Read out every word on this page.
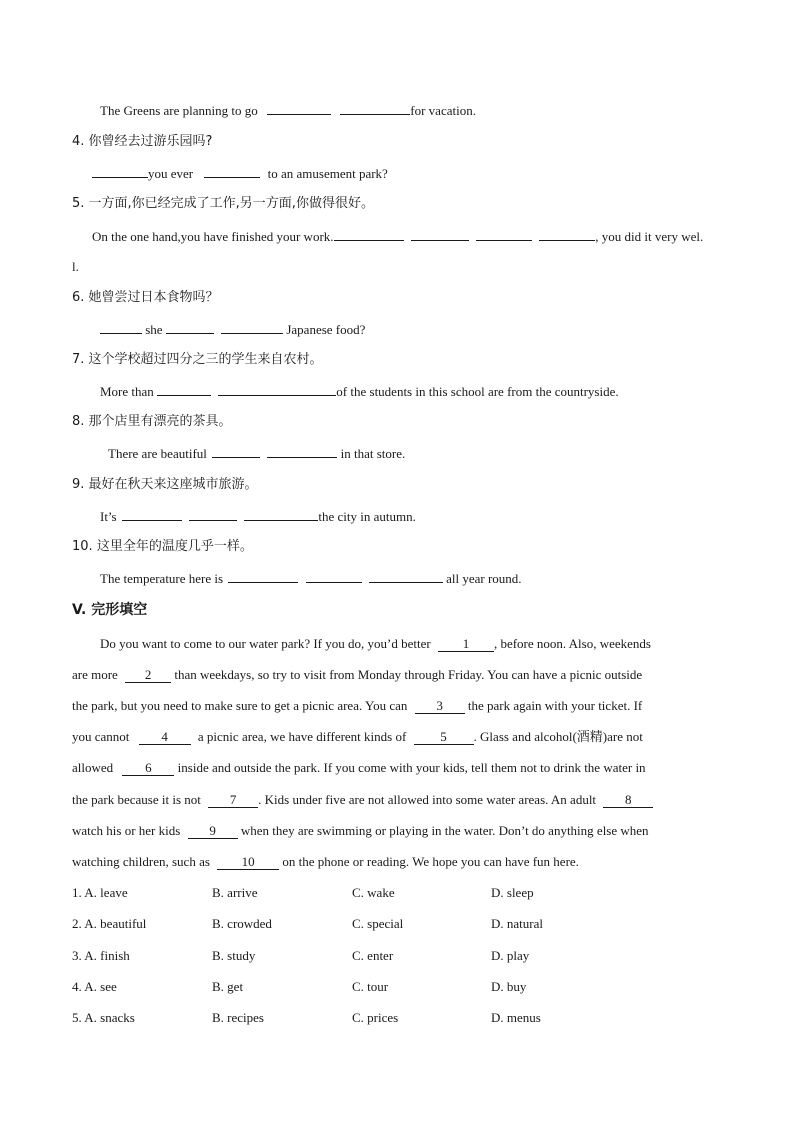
The Greens are planning to go	for vacation.
4. 你曾经去过游乐园吗?
you ever	to an amusement park?
5. 一方面,你已经完成了工作,另一方面,你做得很好。
On the one hand,you have finished your work.	, you did it very wel.
l.
6. 她曾尝过日本食物吗？
she	Japanese food?
7. 这个学校超过四分之三的学生来自农村。
More than	of the students in this school are from the countryside.
8. 那个店里有漂亮的茶具。
There are beautiful	in that store.
9. 最好在秋天来这座城市旅游。
It’s	the city in autumn.
10. 这里全年的温度几乎一样。
The temperature here is	all year round.
V. 完形填空
Do you want to come to our water park? If you do, you’d better 1 , before noon. Also, weekends
are more 2 than weekdays, so try to visit from Monday through Friday. You can have a picnic outside
the park, but you need to make sure to get a picnic area. You can 3 the park again with your ticket. If
you cannot 4 a picnic area, we have different kinds of	5 . Glass and alcohol(酒精)are not
allowed 6 inside and outside the park. If you come with your kids, tell them not to drink the water in
the park because it is not 7 . Kids under five are not allowed into some water areas. An adult 8
watch his or her kids 9 when they are swimming or playing in the water. Don’t do anything else when
watching children, such as 10 on the phone or reading. We hope you can have fun here.
1. A. leave	B. arrive	C. wake	D. sleep
2. A. beautiful	B. crowded	C. special	D. natural
3. A. finish	B. study	C. enter	D. play
4. A. see	B. get	C. tour	D. buy
5. A. snacks	B. recipes	C. prices	D. menus
